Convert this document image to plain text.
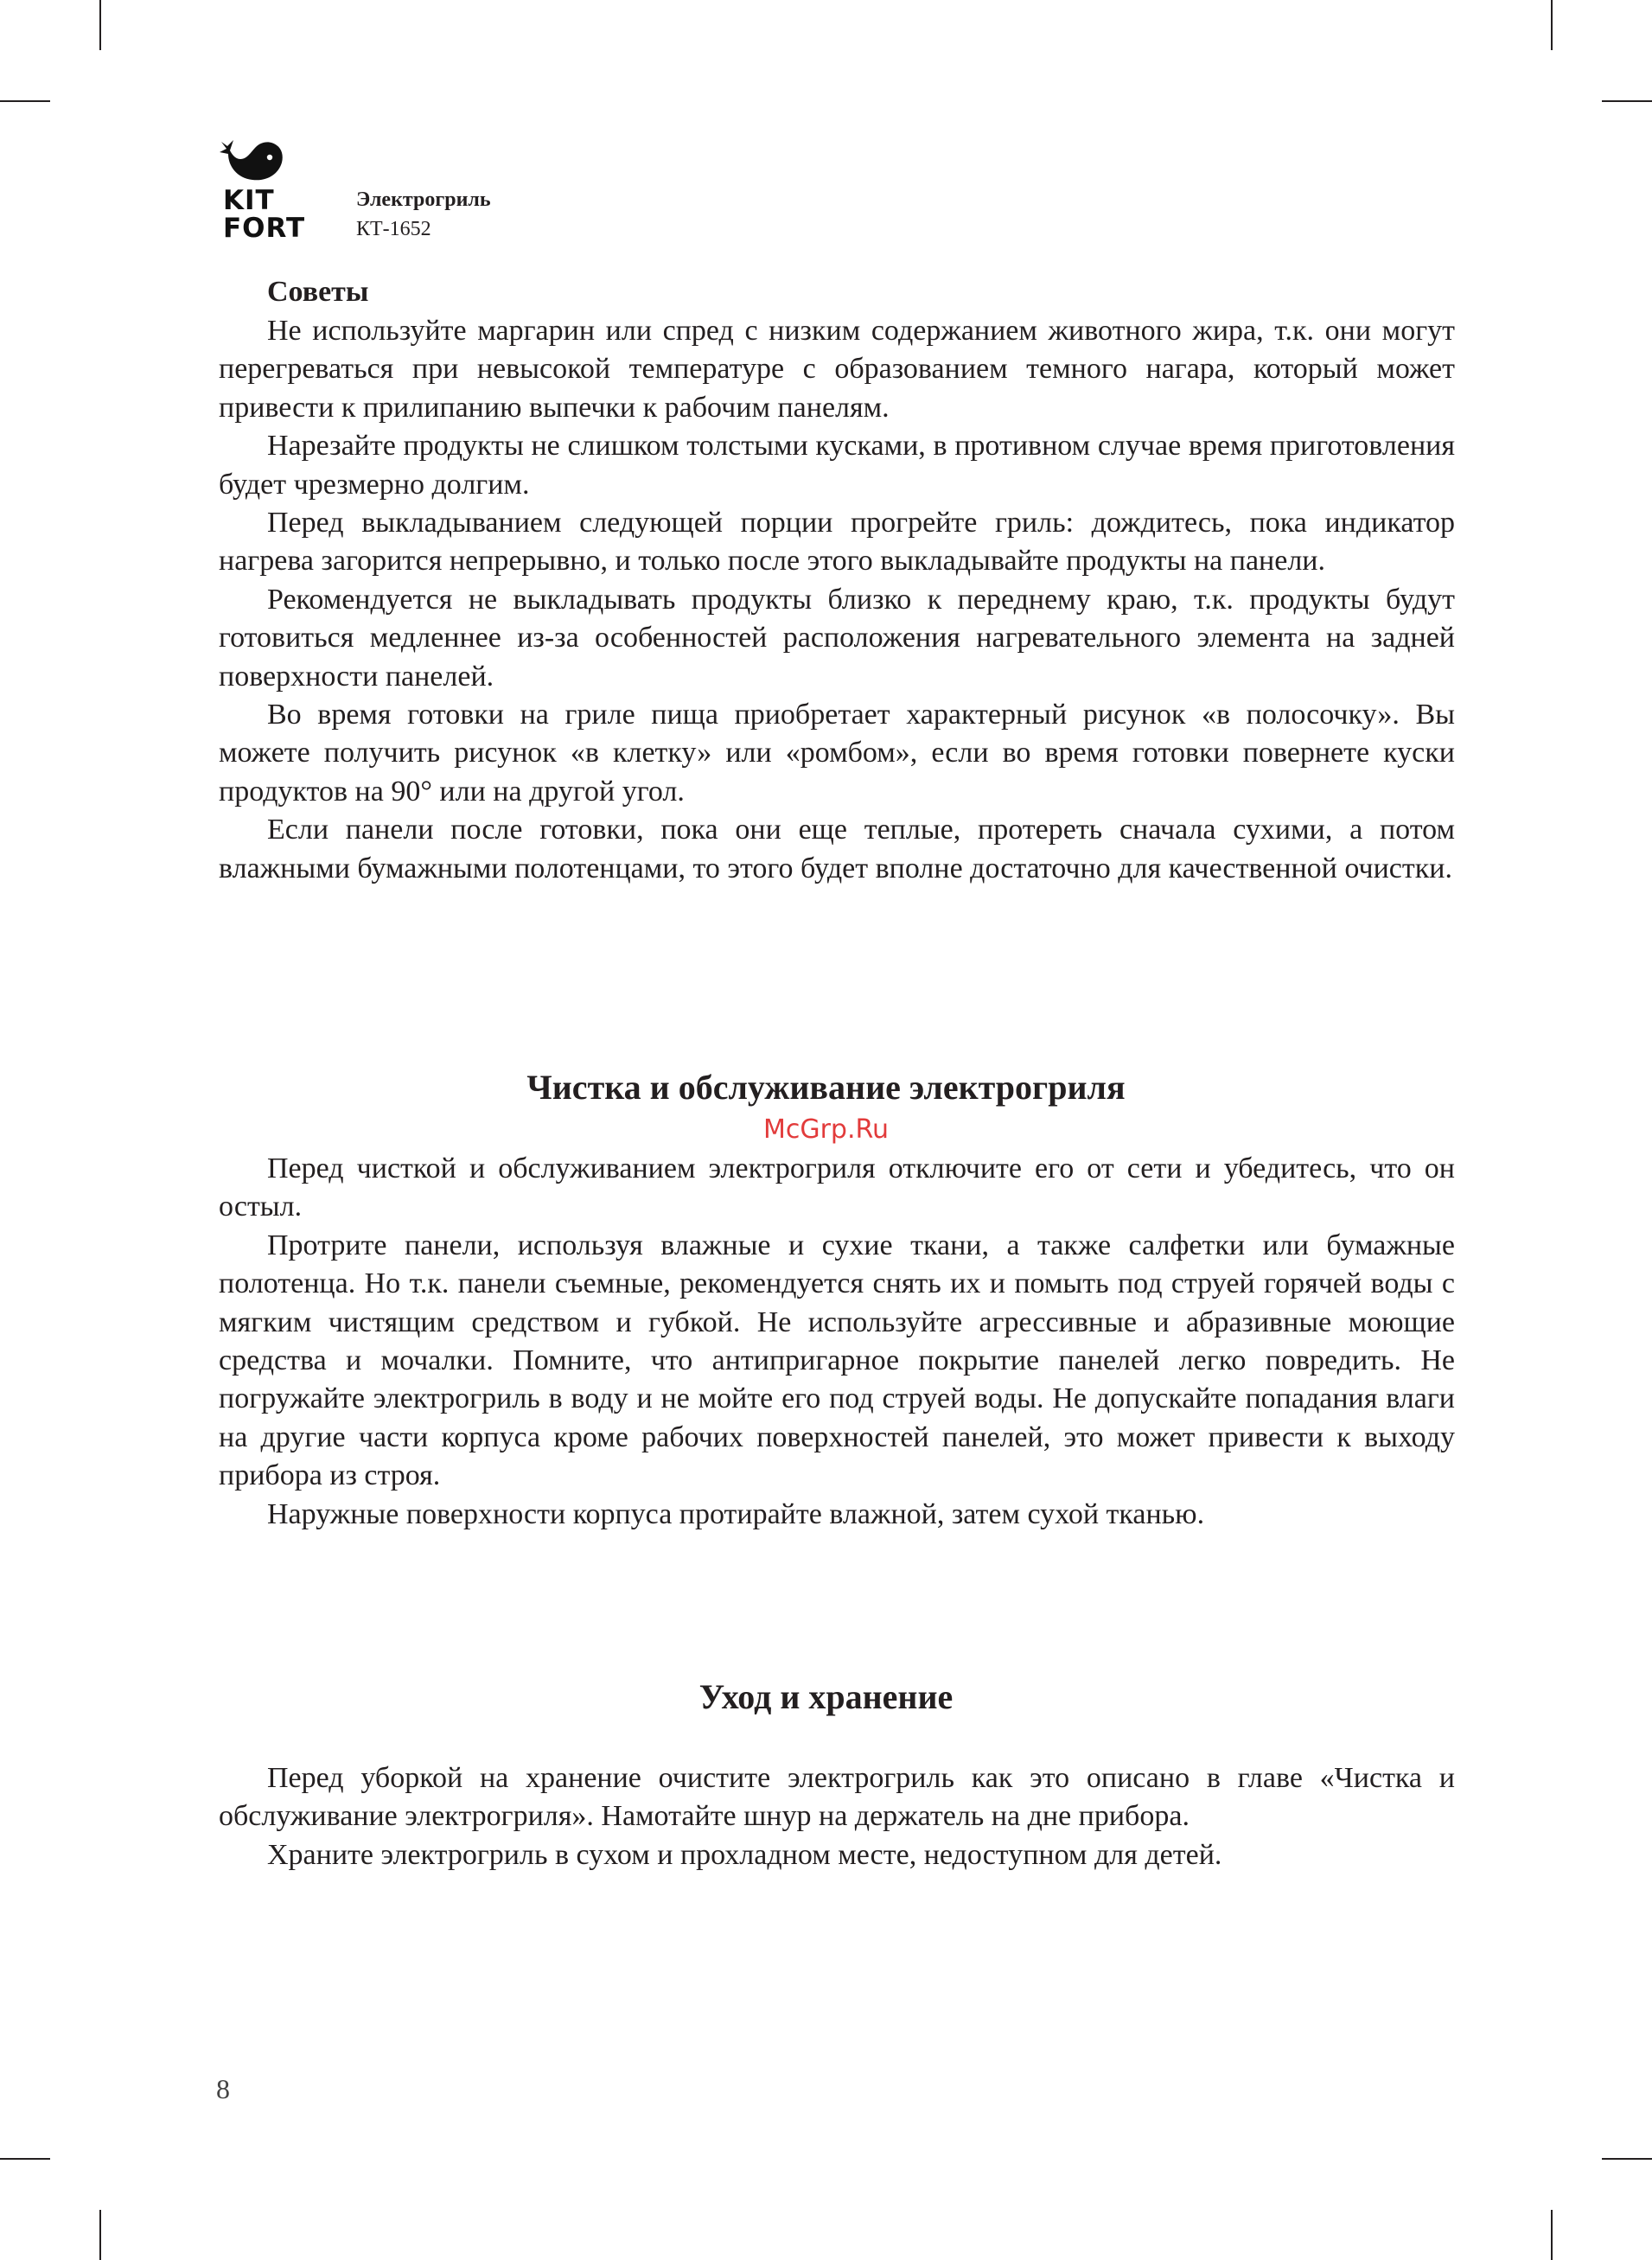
KIT
FORT
Электрогриль
КТ-1652
Советы

Не используйте маргарин или спред с низким содержанием животного жира, т.к. они могут перегреваться при невысокой температуре с образованием темного нагара, который может привести к прилипанию выпечки к рабочим панелям.

Нарезайте продукты не слишком толстыми кусками, в противном случае время приготовления будет чрезмерно долгим.

Перед выкладыванием следующей порции прогрейте гриль: дождитесь, пока индикатор нагрева загорится непрерывно, и только после этого выкладывайте продукты на панели.

Рекомендуется не выкладывать продукты близко к переднему краю, т.к. продукты будут готовиться медленнее из-за особенностей расположения нагревательного элемента на задней поверхности панелей.

Во время готовки на гриле пища приобретает характерный рисунок «в полосочку». Вы можете получить рисунок «в клетку» или «ромбом», если во время готовки повернете куски продуктов на 90° или на другой угол.

Если панели после готовки, пока они еще теплые, протереть сначала сухими, а потом влажными бумажными полотенцами, то этого будет вполне достаточно для качественной очистки.

Чистка и обслуживание электрогриля
McGrp.Ru

Перед чисткой и обслуживанием электрогриля отключите его от сети и убедитесь, что он остыл.

Протрите панели, используя влажные и сухие ткани, а также салфетки или бумажные полотенца. Но т.к. панели съемные, рекомендуется снять их и помыть под струей горячей воды с мягким чистящим средством и губкой. Не используйте агрессивные и абразивные моющие средства и мочалки. Помните, что антипригарное покрытие панелей легко повредить. Не погружайте электрогриль в воду и не мойте его под струей воды. Не допускайте попадания влаги на другие части корпуса кроме рабочих поверхностей панелей, это может привести к выходу прибора из строя.

Наружные поверхности корпуса протирайте влажной, затем сухой тканью.

Уход и хранение

Перед уборкой на хранение очистите электрогриль как это описано в главе «Чистка и обслуживание электрогриля». Намотайте шнур на держатель на дне прибора.

Храните электрогриль в сухом и прохладном месте, недоступном для детей.

8
